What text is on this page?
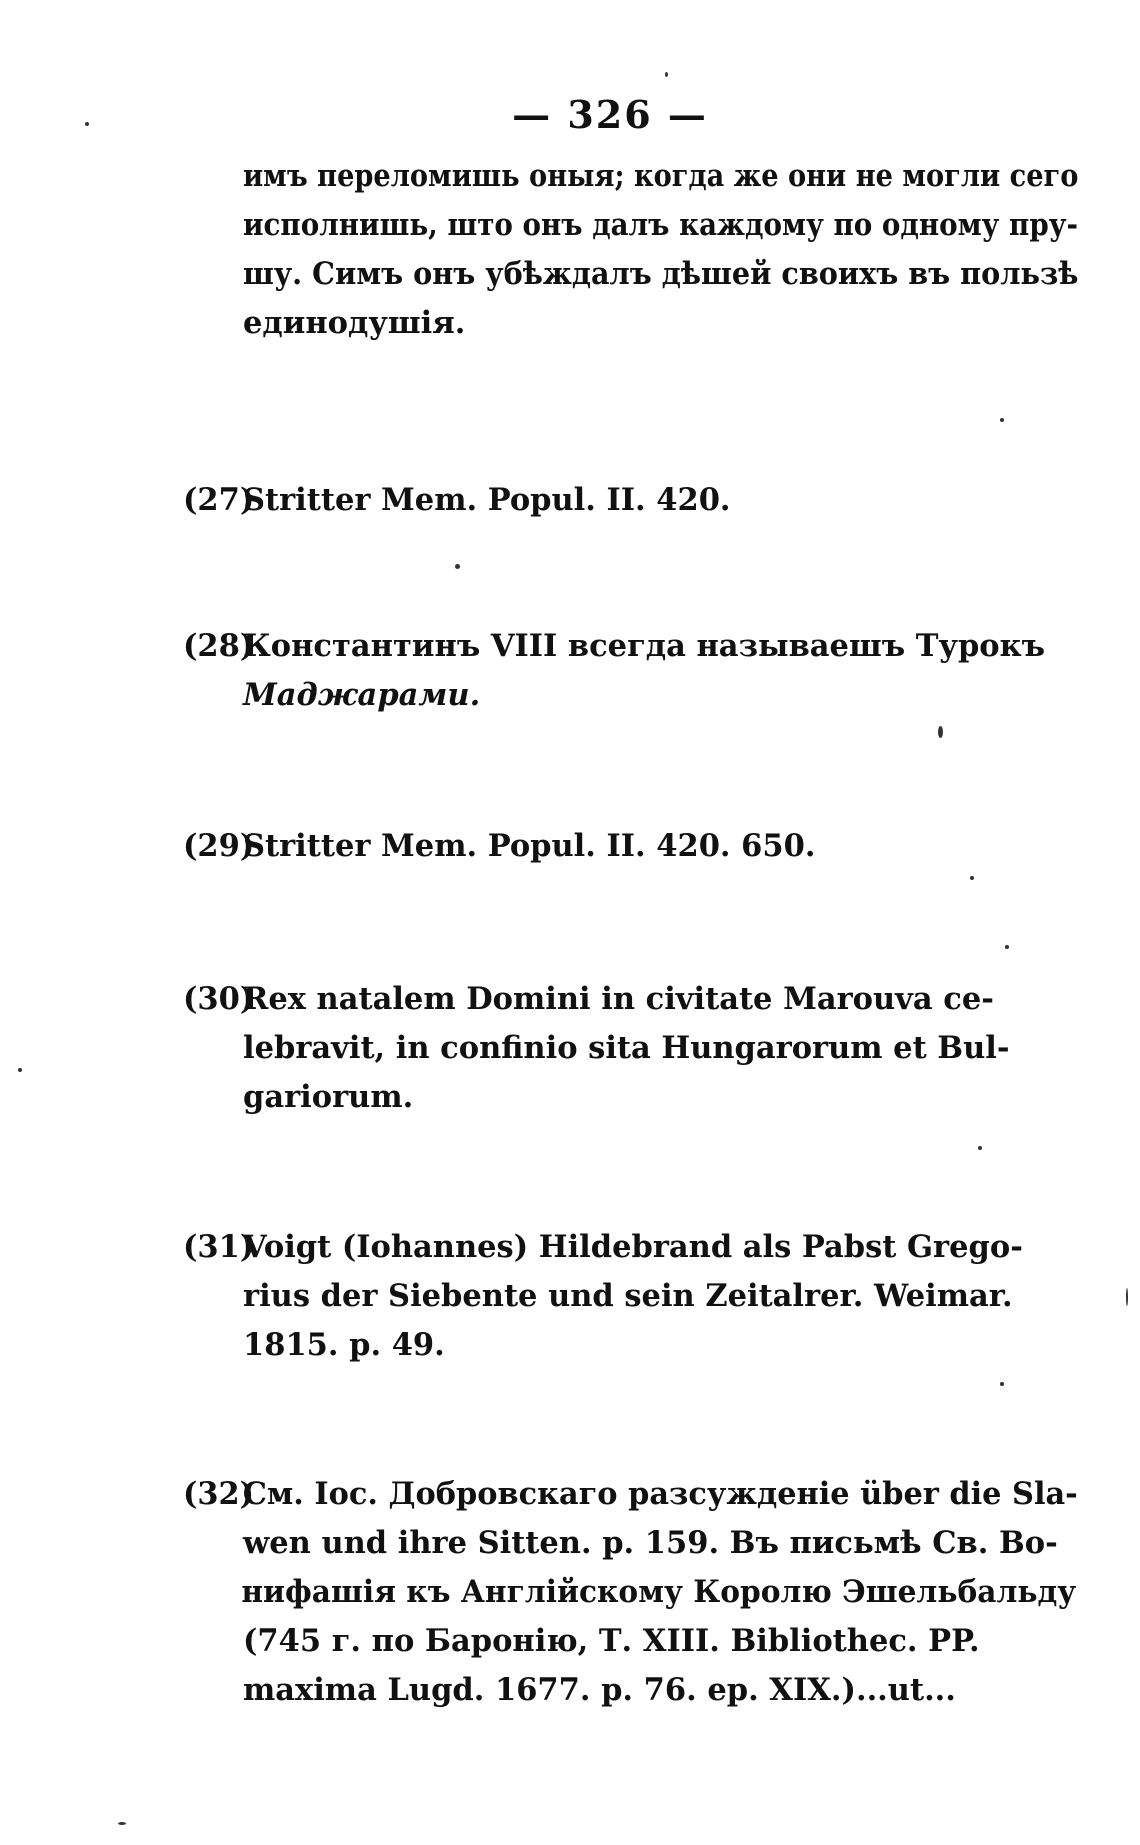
— 326 —
имъ переломишь оныя; когда же они не могли сего
исполнишь, што онъ далъ каждому по одному пру-
шу. Симъ онъ убѣждалъ дѣшей своихъ въ пользѣ
единодушія.
(27)Stritter Mem. Popul. II. 420.
(28)Константинъ VIII всегда называешъ Турокъ
Маджарами.
(29)Stritter Mem. Popul. II. 420. 650.
(30)Rex natalem Domini in civitate Marouva ce-
lebravit, in confinio sita Hungarorum et Bul-
gariorum.
(31)Voigt (Iohannes) Hildebrand als Pabst Grego-
rius der Siebente und sein Zeitalrer. Weimar.
1815. p. 49.
(32)См. Іос. Добровскаго разсужденіе über die Sla-
wen und ihre Sitten. p. 159. Въ письмѣ Св. Во-
нифашія къ Англійскому Королю Эшельбальду
(745 г. по Баронію, Т. XIII. Bibliothec. PP.
maxima Lugd. 1677. p. 76. ep. XIX.)...ut...
